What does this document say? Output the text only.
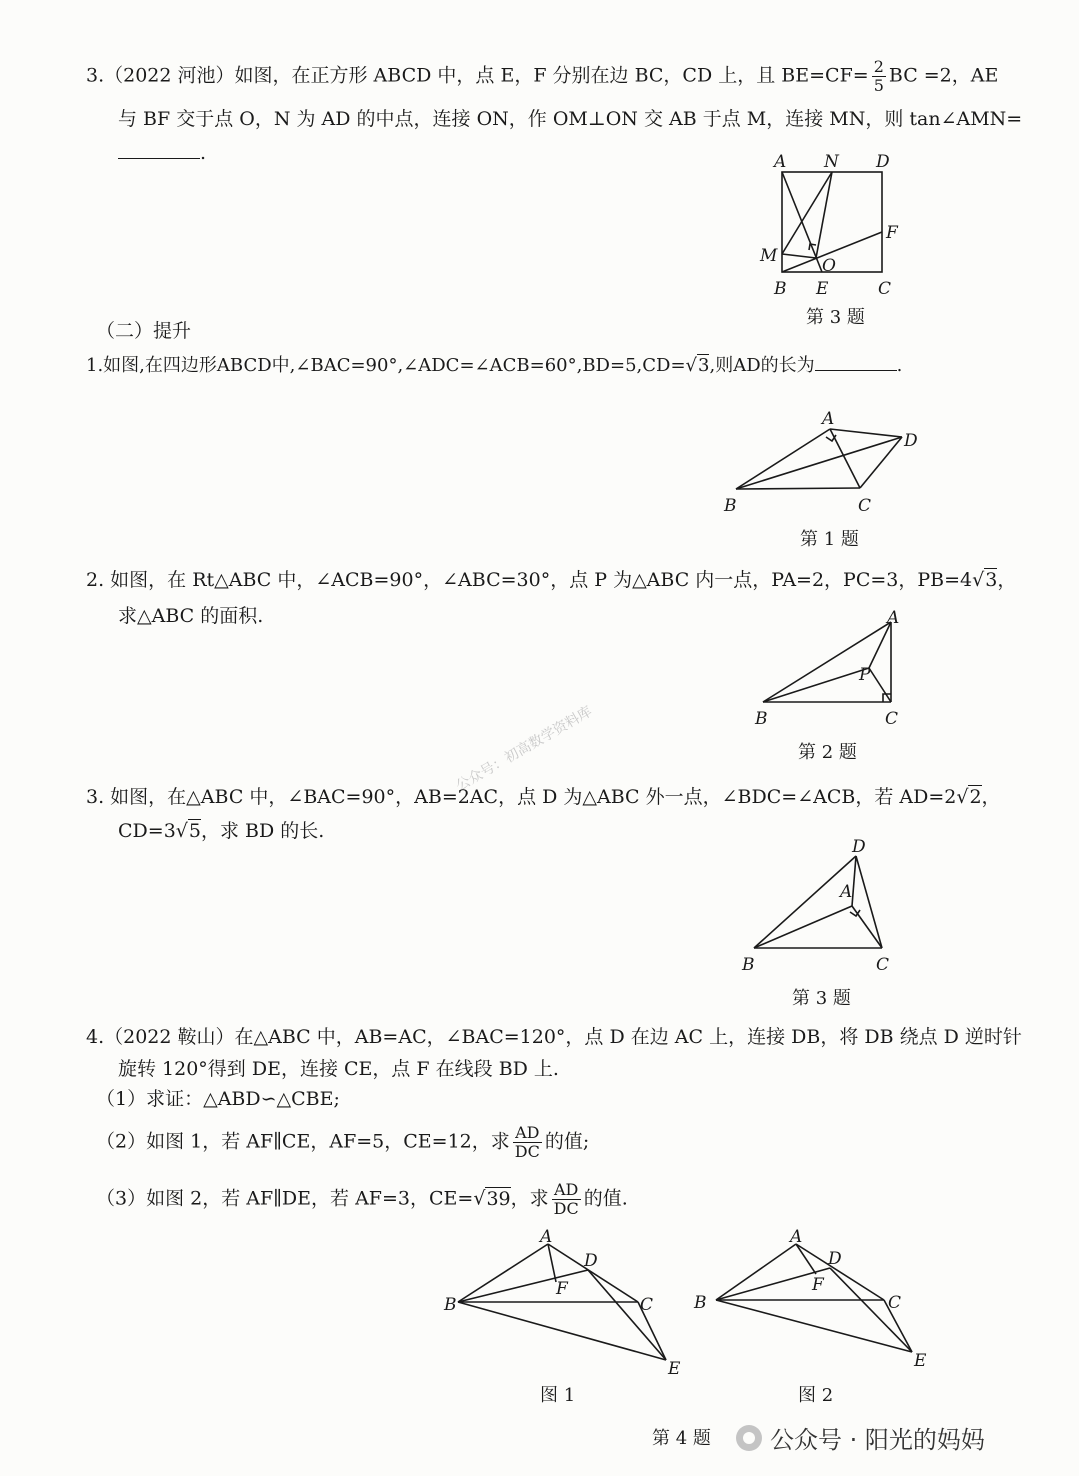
3.（2022 河池）如图，在正方形 ABCD 中，点 E，F 分别在边 BC，CD 上，且 $BE=CF= \frac{2}{5}$ BC =2，AE
与 BF 交于点 O，N 为 AD 的中点，连接 ON，作 OM⊥ON 交 AB 于点 M，连接 MN，则 tan∠AMN=
.	A N D
M	O
F
B E	C
第 3 题
（二）提升
1.如图,在四边形ABCD中,∠BAC=90°,∠ADC=∠ACB=60°,BD=5,CD=√3,则AD的长为	.
A
D
B	C
第 1 题
2. 如图，在 Rt△ABC 中，∠ACB=90°，∠ABC=30°，点 P 为△ABC 内一点，PA=2，PC=3，PB=4√3，
求△ABC 的面积.	A
P
B	C
第 2 题
公众号：初高数学资料库
3. 如图，在△ABC 中，∠BAC=90°，AB=2AC，点 D 为△ABC 外一点，∠BDC=∠ACB，若 AD=2√2，
CD=3√5，求 BD 的长.
D
A
B	C
第 3 题
4.（2022 鞍山）在△ABC 中，AB=AC，∠BAC=120°，点 D 在边 AC 上，连接 DB，将 DB 绕点 D 逆时针
旋转 120°得到 DE，连接 CE，点 F 在线段 BD 上.
（1）求证：△ABD∽△CBE;
（2）如图 1，若 AF∥CE，AF=5，CE=12，求 $\frac{AD}{DC}$ 的值;
（3）如图 2，若 AF∥DE，若 AF=3，CE=√39，求 $\frac{AD}{DC}$ 的值.
A
D
F
B	C
E
图 1
A
D
F
B	C
E
图 2
第 4 题 公众号 · 阳光的妈妈
